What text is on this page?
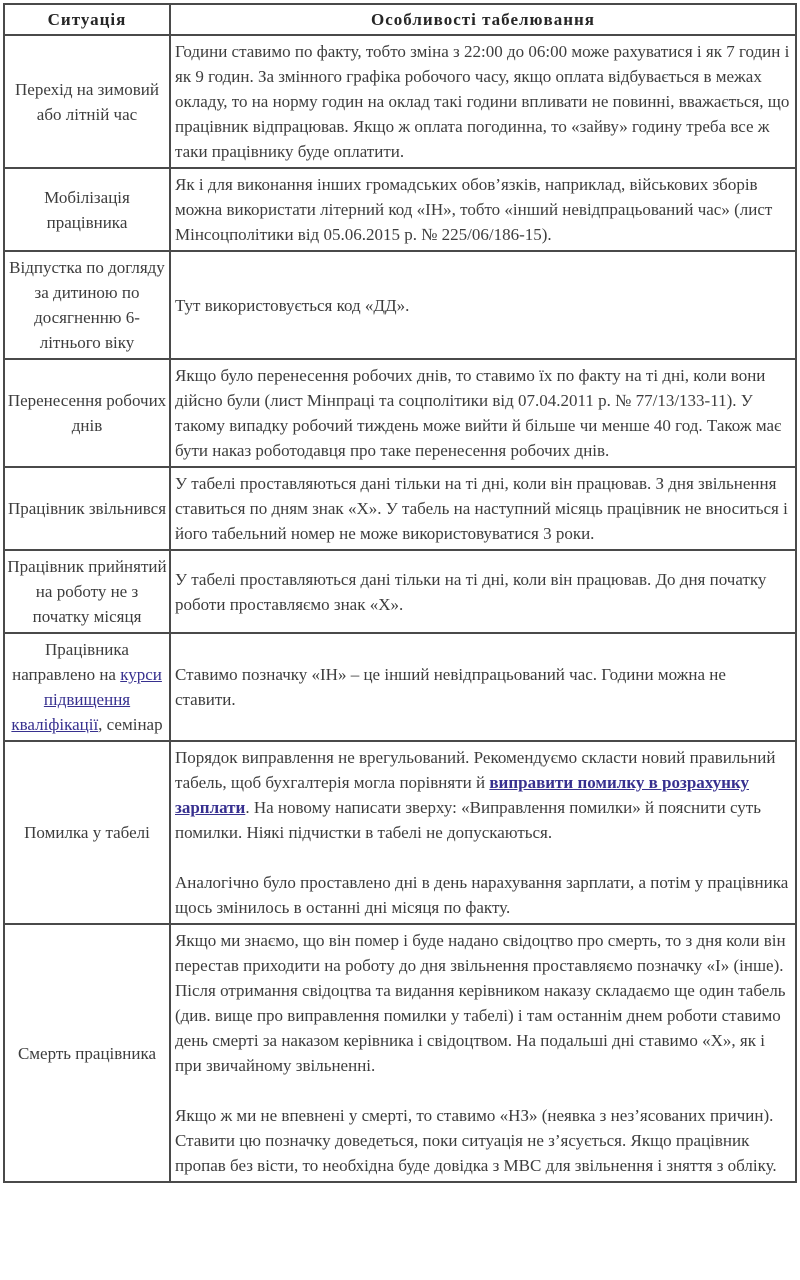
Ситуація	Особливості табелювання
Перехід на зимовий або літній час	Години ставимо по факту, тобто зміна з 22:00 до 06:00 може рахуватися і як 7 годин і як 9 годин. За змінного графіка робочого часу, якщо оплата відбувається в межах окладу, то на норму годин на оклад такі години впливати не повинні, вважається, що працівник відпрацював. Якщо ж оплата погодинна, то «зайву» годину треба все ж таки працівнику буде оплатити.

Мобілізація працівника	Як і для виконання інших громадських обов’язків, наприклад, військових зборів можна використати літерний код «ІН», тобто «інший невідпрацьований час» (лист Мінсоцполітики від 05.06.2015 р. № 225/06/186-15).

Відпустка по догляду за дитиною по досягненню 6-літнього віку	Тут використовується код «ДД».

Перенесення робочих днів	Якщо було перенесення робочих днів, то ставимо їх по факту на ті дні, коли вони дійсно були (лист Мінпраці та соцполітики від 07.04.2011 р. № 77/13/133-11). У такому випадку робочий тиждень може вийти й більше чи менше 40 год. Також має бути наказ роботодавця про таке перенесення робочих днів.

Працівник звільнився	У табелі проставляються дані тільки на ті дні, коли він працював. З дня звільнення ставиться по дням знак «Х». У табель на наступний місяць працівник не вноситься і його табельний номер не може використовуватися 3 роки.

Працівник прийнятий на роботу не з початку місяця	У табелі проставляються дані тільки на ті дні, коли він працював. До дня початку роботи проставляємо знак «Х».

Працівника направлено на курси підвищення кваліфікації, семінар	Ставимо позначку «ІН» – це інший невідпрацьований час. Години можна не ставити.

Помилка у табелі	Порядок виправлення не врегульований. Рекомендуємо скласти новий правильний табель, щоб бухгалтерія могла порівняти й виправити помилку в розрахунку зарплати. На новому написати зверху: «Виправлення помилки» й пояснити суть помилки. Ніякі підчистки в табелі не допускаються.

Аналогічно було проставлено дні в день нарахування зарплати, а потім у працівника щось змінилось в останні дні місяця по факту.

Смерть працівника	Якщо ми знаємо, що він помер і буде надано свідоцтво про смерть, то з дня коли він перестав приходити на роботу до дня звільнення проставляємо позначку «І» (інше). Після отримання свідоцтва та видання керівником наказу складаємо ще один табель (див. вище про виправлення помилки у табелі) і там останнім днем роботи ставимо день смерті за наказом керівника і свідоцтвом. На подальші дні ставимо «Х», як і при звичайному звільненні.

Якщо ж ми не впевнені у смерті, то ставимо «НЗ» (неявка з нез’ясованих причин). Ставити цю позначку доведеться, поки ситуація не з’ясується. Якщо працівник пропав без вісти, то необхідна буде довідка з МВС для звільнення і зняття з обліку.
